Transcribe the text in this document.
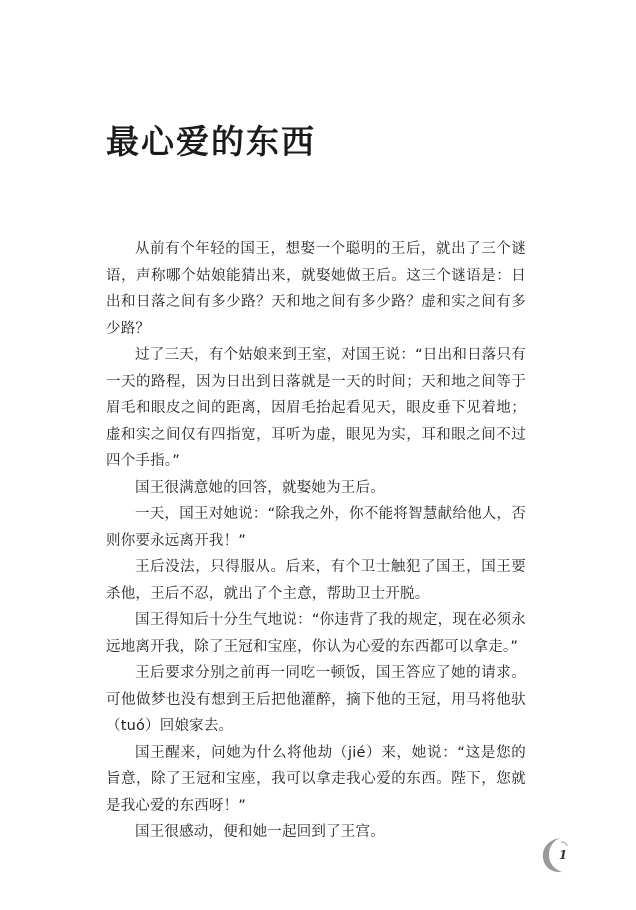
最心爱的东西

从前有个年轻的国王，想娶一个聪明的王后，就出了三个谜语，声称哪个姑娘能猜出来，就娶她做王后。这三个谜语是：日出和日落之间有多少路？天和地之间有多少路？虚和实之间有多少路？

过了三天，有个姑娘来到王室，对国王说：“日出和日落只有一天的路程，因为日出到日落就是一天的时间；天和地之间等于眉毛和眼皮之间的距离，因眉毛抬起看见天，眼皮垂下见着地；虚和实之间仅有四指宽，耳听为虚，眼见为实，耳和眼之间不过四个手指。”

国王很满意她的回答，就娶她为王后。

一天，国王对她说：“除我之外，你不能将智慧献给他人，否则你要永远离开我！”

王后没法，只得服从。后来，有个卫士触犯了国王，国王要杀他，王后不忍，就出了个主意，帮助卫士开脱。

国王得知后十分生气地说：“你违背了我的规定，现在必须永远地离开我，除了王冠和宝座，你认为心爱的东西都可以拿走。”

王后要求分别之前再一同吃一顿饭，国王答应了她的请求。可他做梦也没有想到王后把他灌醉，摘下他的王冠，用马将他驮（tuó）回娘家去。

国王醒来，问她为什么将他劫（jié）来，她说：“这是您的旨意，除了王冠和宝座，我可以拿走我心爱的东西。陛下，您就是我心爱的东西呀！”

国王很感动，便和她一起回到了王宫。

1
